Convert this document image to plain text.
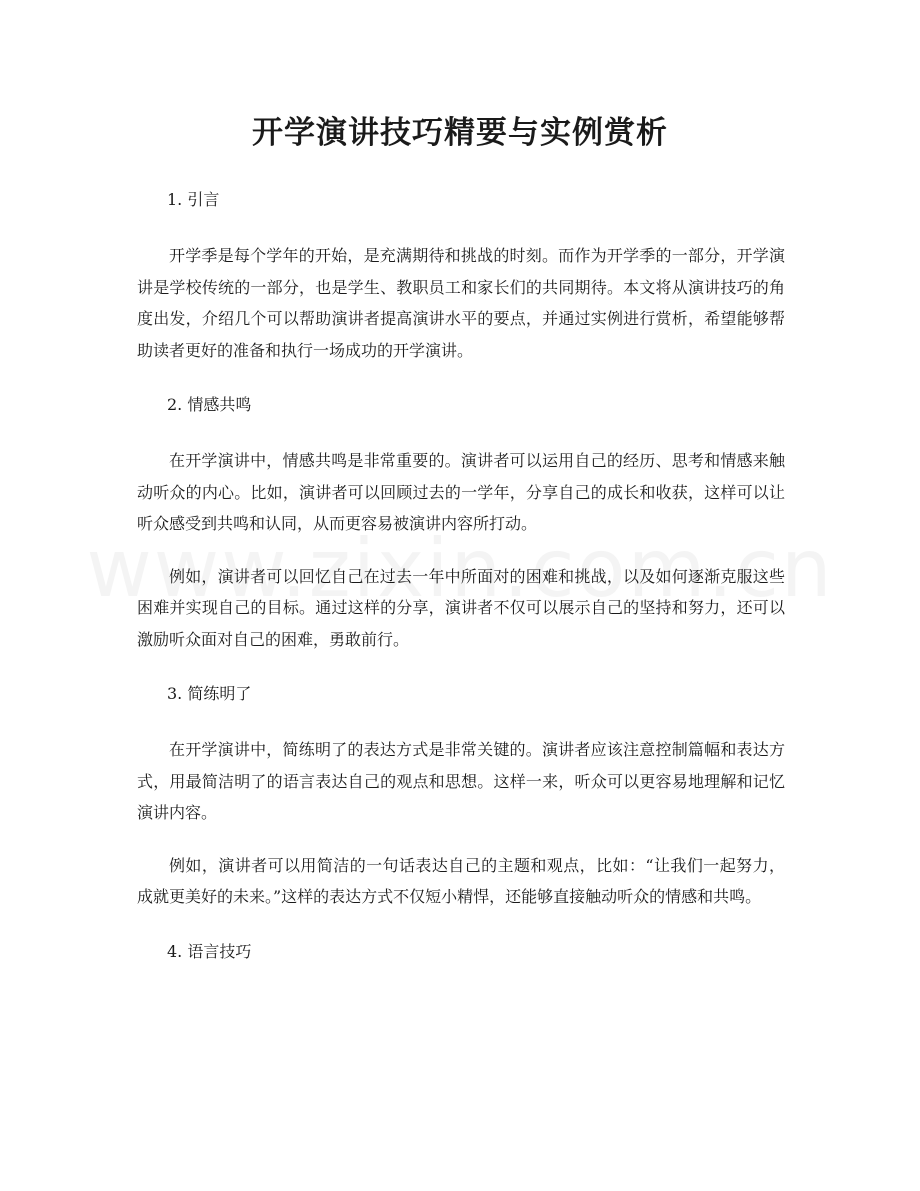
开学演讲技巧精要与实例赏析
1. 引言

开学季是每个学年的开始，是充满期待和挑战的时刻。而作为开学季的一部分，开学演讲是学校传统的一部分，也是学生、教职员工和家长们的共同期待。本文将从演讲技巧的角度出发，介绍几个可以帮助演讲者提高演讲水平的要点，并通过实例进行赏析，希望能够帮助读者更好的准备和执行一场成功的开学演讲。

2. 情感共鸣

在开学演讲中，情感共鸣是非常重要的。演讲者可以运用自己的经历、思考和情感来触动听众的内心。比如，演讲者可以回顾过去的一学年，分享自己的成长和收获，这样可以让听众感受到共鸣和认同，从而更容易被演讲内容所打动。

例如，演讲者可以回忆自己在过去一年中所面对的困难和挑战，以及如何逐渐克服这些困难并实现自己的目标。通过这样的分享，演讲者不仅可以展示自己的坚持和努力，还可以激励听众面对自己的困难，勇敢前行。

3. 简练明了

在开学演讲中，简练明了的表达方式是非常关键的。演讲者应该注意控制篇幅和表达方式，用最简洁明了的语言表达自己的观点和思想。这样一来，听众可以更容易地理解和记忆演讲内容。

例如，演讲者可以用简洁的一句话表达自己的主题和观点，比如：“让我们一起努力，成就更美好的未来。”这样的表达方式不仅短小精悍，还能够直接触动听众的情感和共鸣。

4. 语言技巧
